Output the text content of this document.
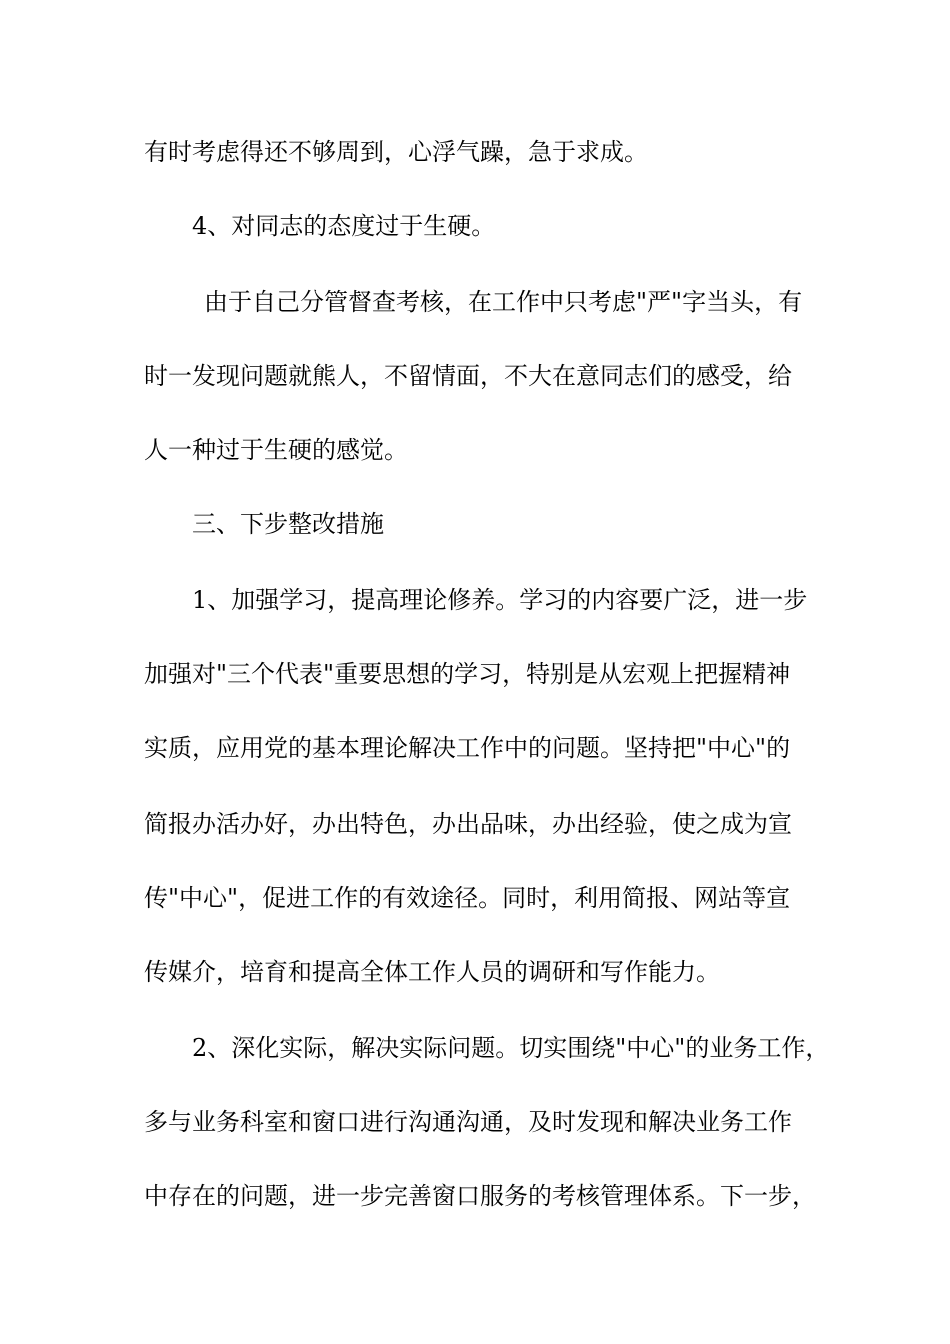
有时考虑得还不够周到，心浮气躁，急于求成。
4、对同志的态度过于生硬。
由于自己分管督查考核，在工作中只考虑"严"字当头，有
时一发现问题就熊人，不留情面，不大在意同志们的感受，给
人一种过于生硬的感觉。
三、下步整改措施
1、加强学习，提高理论修养。学习的内容要广泛，进一步
加强对"三个代表"重要思想的学习，特别是从宏观上把握精神
实质，应用党的基本理论解决工作中的问题。坚持把"中心"的
简报办活办好，办出特色，办出品味，办出经验，使之成为宣
传"中心"，促进工作的有效途径。同时，利用简报、网站等宣
传媒介，培育和提高全体工作人员的调研和写作能力。
2、深化实际，解决实际问题。切实围绕"中心"的业务工作，
多与业务科室和窗口进行沟通沟通，及时发现和解决业务工作
中存在的问题，进一步完善窗口服务的考核管理体系。下一步，
